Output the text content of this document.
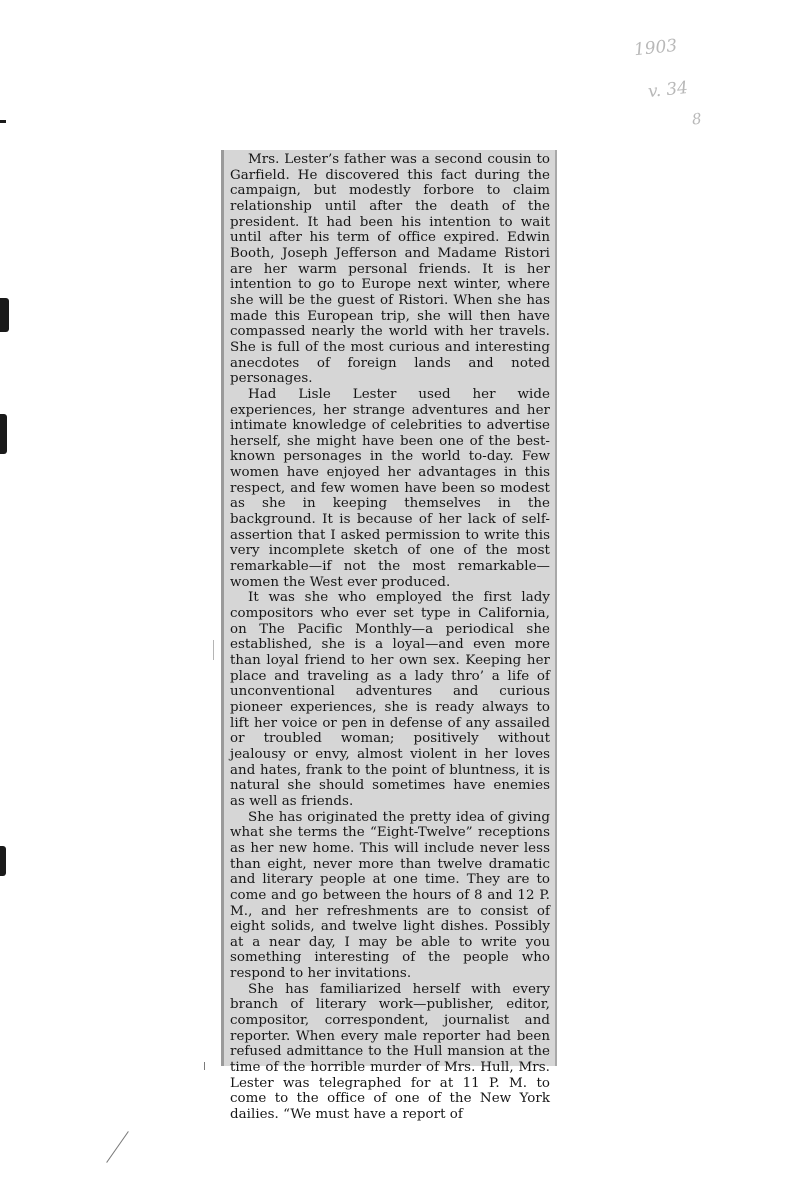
1903
v. 34
8

Mrs. Lester’s father was a second cousin to Garfield. He discovered this fact during the campaign, but modestly forbore to claim relationship until after the death of the president. It had been his intention to wait until after his term of office expired. Edwin Booth, Joseph Jefferson and Madame Ristori are her warm personal friends. It is her intention to go to Europe next winter, where she will be the guest of Ristori. When she has made this European trip, she will then have compassed nearly the world with her travels. She is full of the most curious and interesting anecdotes of foreign lands and noted personages.

Had Lisle Lester used her wide experiences, her strange adventures and her intimate knowledge of celebrities to advertise herself, she might have been one of the best-known personages in the world to-day. Few women have enjoyed her advantages in this respect, and few women have been so modest as she in keeping themselves in the background. It is because of her lack of self-assertion that I asked permission to write this very incomplete sketch of one of the most remarkable—if not the most remarkable—women the West ever produced.

It was she who employed the first lady compositors who ever set type in California, on The Pacific Monthly—a periodical she established, she is a loyal—and even more than loyal friend to her own sex. Keeping her place and traveling as a lady thro’ a life of unconventional adventures and curious pioneer experiences, she is ready always to lift her voice or pen in defense of any assailed or troubled woman; positively without jealousy or envy, almost violent in her loves and hates, frank to the point of bluntness, it is natural she should sometimes have enemies as well as friends.

She has originated the pretty idea of giving what she terms the “Eight-Twelve” receptions as her new home. This will include never less than eight, never more than twelve dramatic and literary people at one time. They are to come and go between the hours of 8 and 12 P. M., and her refreshments are to consist of eight solids, and twelve light dishes. Possibly at a near day, I may be able to write you something interesting of the people who respond to her invitations.

She has familiarized herself with every branch of literary work—publisher, editor, compositor, correspondent, journalist and reporter. When every male reporter had been refused admittance to the Hull mansion at the time of the horrible murder of Mrs. Hull, Mrs. Lester was telegraphed for at 11 P. M. to come to the office of one of the New York dailies. “We must have a report of
